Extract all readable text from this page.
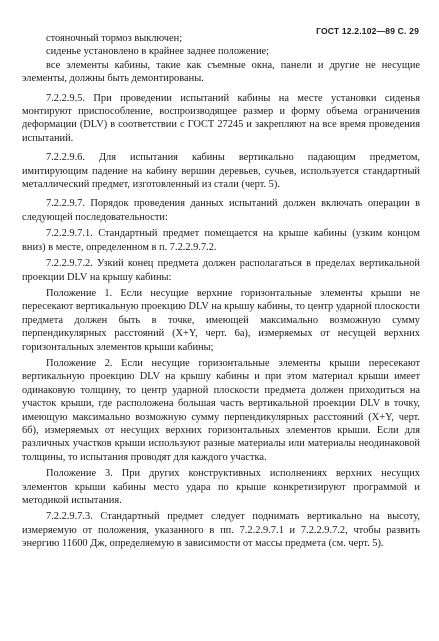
ГОСТ 12.2.102—89 С. 29

стояночный тормоз выключен;

сиденье установлено в крайнее заднее положение;

все элементы кабины, такие как съемные окна, панели и другие не несущие элементы, должны быть демонтированы.

7.2.2.9.5. При проведении испытаний кабины на месте установки сиденья монтируют приспособление, воспроизводящее размер и форму объема ограничения деформации (DLV) в соответствии с ГОСТ 27245 и закрепляют на все время проведения испытаний.

7.2.2.9.6. Для испытания кабины вертикально падающим предметом, имитирующим падение на кабину вершин деревьев, сучьев, используется стандартный металлический предмет, изготовленный из стали (черт. 5).

7.2.2.9.7. Порядок проведения данных испытаний должен включать операции в следующей последовательности:

7.2.2.9.7.1. Стандартный предмет помещается на крыше кабины (узким концом вниз) в месте, определенном в п. 7.2.2.9.7.2.

7.2.2.9.7.2. Узкий конец предмета должен располагаться в пределах вертикальной проекции DLV на крышу кабины:

Положение 1. Если несущие верхние горизонтальные элементы крыши не пересекают вертикальную проекцию DLV на крышу кабины, то центр ударной плоскости предмета должен быть в точке, имеющей максимально возможную сумму перпендикулярных расстояний (X+Y, черт. 6а), измеряемых от несущей верхних горизонтальных элементов крыши кабины;

Положение 2. Если несущие горизонтальные элементы крыши пересекают вертикальную проекцию DLV на крышу кабины и при этом материал крыши имеет одинаковую толщину, то центр ударной плоскости предмета должен приходиться на участок крыши, где расположена большая часть вертикальной проекции DLV в точку, имеющую максимально возможную сумму перпендикулярных расстояний (X+Y, черт. 6б), измеряемых от несущих верхних горизонтальных элементов крыши. Если для различных участков крыши используют разные материалы или материалы неодинаковой толщины, то испытания проводят для каждого участка.

Положение 3. При других конструктивных исполнениях верхних несущих элементов крыши кабины место удара по крыше конкретизируют программой и методикой испытания.

7.2.2.9.7.3. Стандартный предмет следует поднимать вертикально на высоту, измеряемую от положения, указанного в пп. 7.2.2.9.7.1 и 7.2.2.9.7.2, чтобы развить энергию 11600 Дж, определяемую в зависимости от массы предмета (см. черт. 5).
